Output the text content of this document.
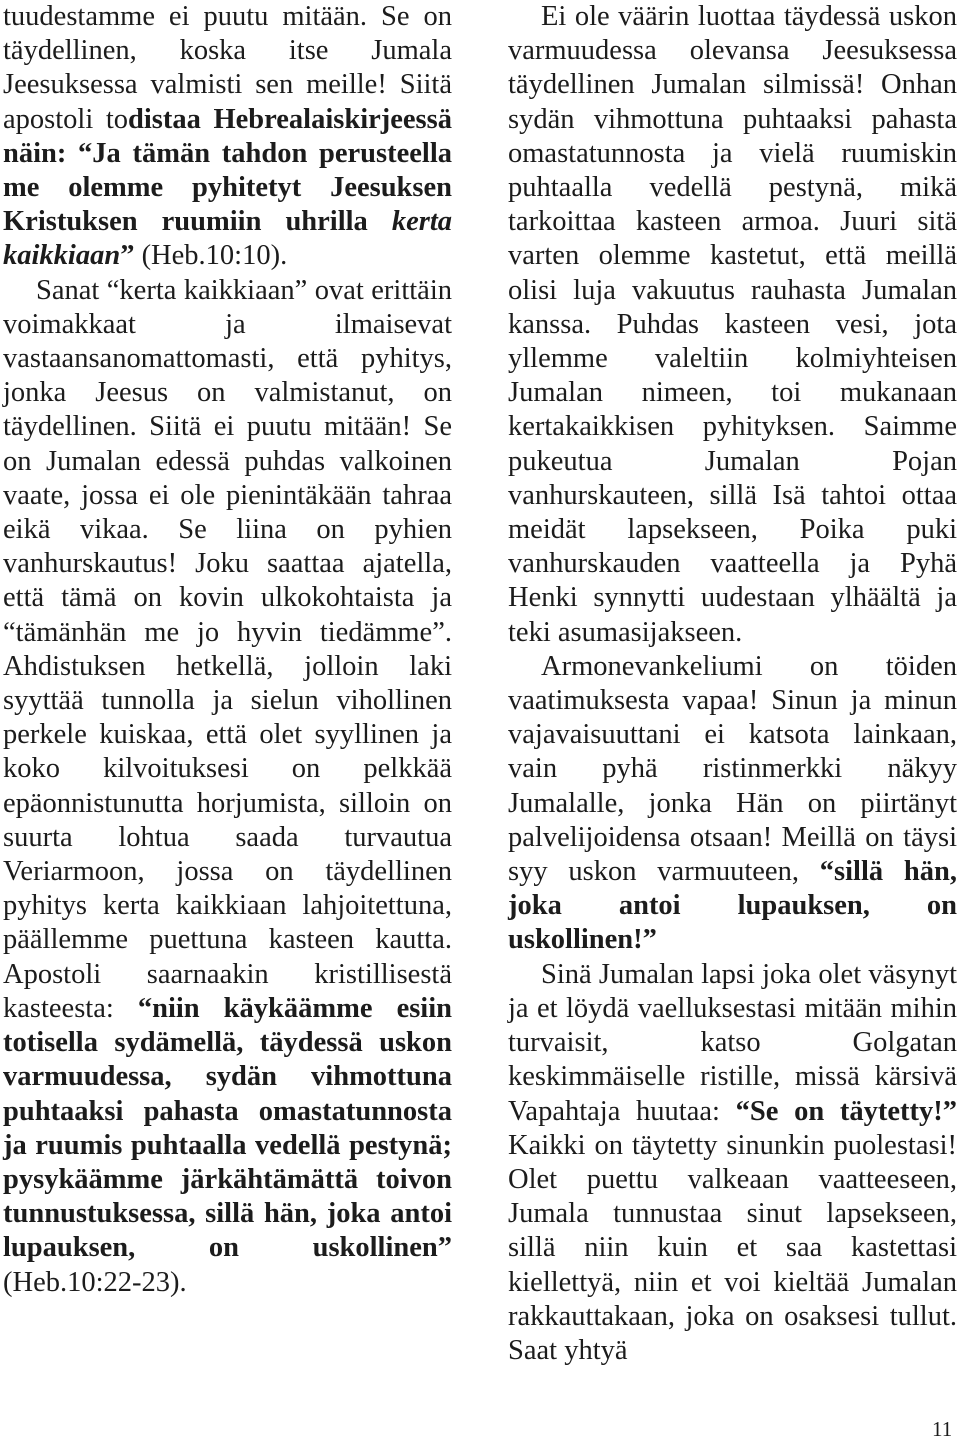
tuudestamme ei puutu mitään. Se on täydellinen, koska itse Jumala Jeesuksessa valmisti sen meille! Siitä apostoli todistaa Hebrealaiskirjeessä näin: “Ja tämän tahdon perusteella me olemme pyhitetyt Jeesuksen Kristuksen ruumiin uhrilla kerta kaikkiaan” (Heb.10:10).

Sanat “kerta kaikkiaan” ovat erittäin voimakkaat ja ilmaisevat vastaansanomattomasti, että pyhitys, jonka Jeesus on valmistanut, on täydellinen. Siitä ei puutu mitään! Se on Jumalan edessä puhdas valkoinen vaate, jossa ei ole pienintäkään tahraa eikä vikaa. Se liina on pyhien vanhurskautus! Joku saattaa ajatella, että tämä on kovin ulkokohtaista ja “tämänhän me jo hyvin tiedämme”. Ahdistuksen hetkellä, jolloin laki syyttää tunnolla ja sielun vihollinen perkele kuiskaa, että olet syyllinen ja koko kilvoituksesi on pelkkää epäonnistunutta horjumista, silloin on suurta lohtua saada turvautua Veriarmoon, jossa on täydellinen pyhitys kerta kaikkiaan lahjoitettuna, päällemme puettuna kasteen kautta. Apostoli saarnaakin kristillisestä kasteesta: “niin käykäämme esiin totisella sydämellä, täydessä uskon varmuudessa, sydän vihmottuna puhtaaksi pahasta omastatunnosta ja ruumis puhtaalla vedellä pestynä; pysykäämme järkähtämättä toivon tunnustuksessa, sillä hän, joka antoi lupauksen, on uskollinen” (Heb.10:22-23).

Ei ole väärin luottaa täydessä uskon varmuudessa olevansa Jeesuksessa täydellinen Jumalan silmissä! Onhan sydän vihmottuna puhtaaksi pahasta omastatunnosta ja vielä ruumiskin puhtaalla vedellä pestynä, mikä tarkoittaa kasteen armoa. Juuri sitä varten olemme kastetut, että meillä olisi luja vakuutus rauhasta Jumalan kanssa. Puhdas kasteen vesi, jota yllemme valeltiin kolmiyhteisen Jumalan nimeen, toi mukanaan kertakaikkisen pyhityksen. Saimme pukeutua Jumalan Pojan vanhurskauteen, sillä Isä tahtoi ottaa meidät lapsekseen, Poika puki vanhurskauden vaatteella ja Pyhä Henki synnytti uudestaan ylhäältä ja teki asumasijakseen.

Armonevankeliumi on töiden vaatimuksesta vapaa! Sinun ja minun vajavaisuuttani ei katsota lainkaan, vain pyhä ristinmerkki näkyy Jumalalle, jonka Hän on piirtänyt palvelijoidensa otsaan! Meillä on täysi syy uskon varmuuteen, “sillä hän, joka antoi lupauksen, on uskollinen!”

Sinä Jumalan lapsi joka olet väsynyt ja et löydä vaelluksestasi mitään mihin turvaisit, katso Golgatan keskimmäiselle ristille, missä kärsivä Vapahtaja huutaa: “Se on täytetty!” Kaikki on täytetty sinunkin puolestasi! Olet puettu valkeaan vaatteeseen, Jumala tunnustaa sinut lapsekseen, sillä niin kuin et saa kastettasi kiellettyä, niin et voi kieltää Jumalan rakkauttakaan, joka on osaksesi tullut. Saat yhtyä

11
